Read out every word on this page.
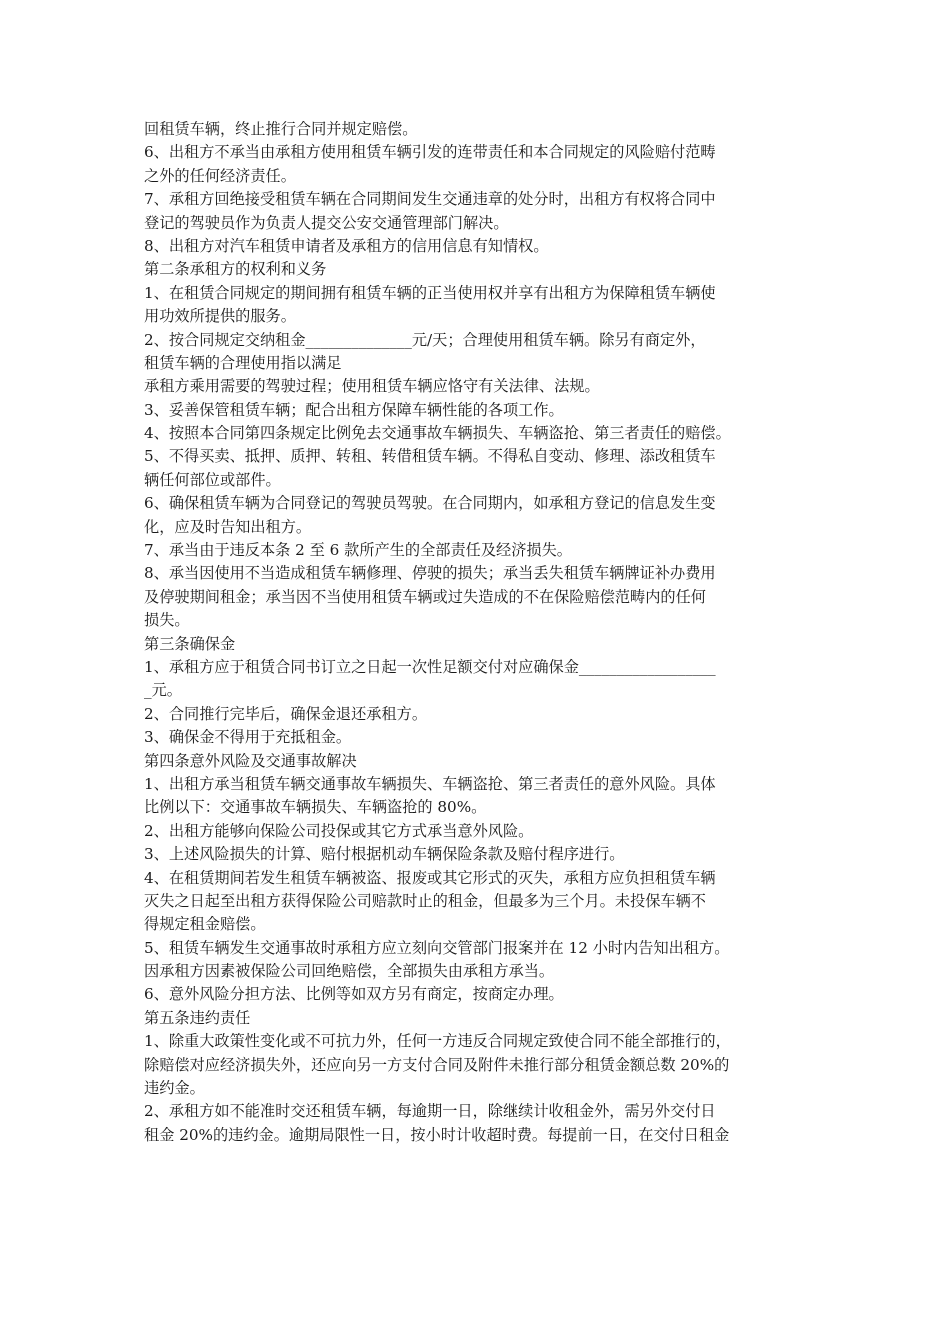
回租赁车辆，终止推行合同并规定赔偿。
6、出租方不承当由承租方使用租赁车辆引发的连带责任和本合同规定的风险赔付范畴
之外的任何经济责任。
7、承租方回绝接受租赁车辆在合同期间发生交通违章的处分时，出租方有权将合同中
登记的驾驶员作为负责人提交公安交通管理部门解决。
8、出租方对汽车租赁申请者及承租方的信用信息有知情权。
第二条承租方的权利和义务
1、在租赁合同规定的期间拥有租赁车辆的正当使用权并享有出租方为保障租赁车辆使
用功效所提供的服务。
2、按合同规定交纳租金______________元/天；合理使用租赁车辆。除另有商定外，
租赁车辆的合理使用指以满足
承租方乘用需要的驾驶过程；使用租赁车辆应恪守有关法律、法规。
3、妥善保管租赁车辆；配合出租方保障车辆性能的各项工作。
4、按照本合同第四条规定比例免去交通事故车辆损失、车辆盗抢、第三者责任的赔偿。
5、不得买卖、抵押、质押、转租、转借租赁车辆。不得私自变动、修理、添改租赁车
辆任何部位或部件。
6、确保租赁车辆为合同登记的驾驶员驾驶。在合同期内，如承租方登记的信息发生变
化，应及时告知出租方。
7、承当由于违反本条 2 至 6 款所产生的全部责任及经济损失。
8、承当因使用不当造成租赁车辆修理、停驶的损失；承当丢失租赁车辆牌证补办费用
及停驶期间租金；承当因不当使用租赁车辆或过失造成的不在保险赔偿范畴内的任何
损失。
第三条确保金
1、承租方应于租赁合同书订立之日起一次性足额交付对应确保金__________________
_元。
2、合同推行完毕后，确保金退还承租方。
3、确保金不得用于充抵租金。
第四条意外风险及交通事故解决
1、出租方承当租赁车辆交通事故车辆损失、车辆盗抢、第三者责任的意外风险。具体
比例以下：交通事故车辆损失、车辆盗抢的 80%。
2、出租方能够向保险公司投保或其它方式承当意外风险。
3、上述风险损失的计算、赔付根据机动车辆保险条款及赔付程序进行。
4、在租赁期间若发生租赁车辆被盗、报废或其它形式的灭失，承租方应负担租赁车辆
灭失之日起至出租方获得保险公司赔款时止的租金，但最多为三个月。未投保车辆不
得规定租金赔偿。
5、租赁车辆发生交通事故时承租方应立刻向交管部门报案并在 12 小时内告知出租方。
因承租方因素被保险公司回绝赔偿，全部损失由承租方承当。
6、意外风险分担方法、比例等如双方另有商定，按商定办理。
第五条违约责任
1、除重大政策性变化或不可抗力外，任何一方违反合同规定致使合同不能全部推行的，
除赔偿对应经济损失外，还应向另一方支付合同及附件未推行部分租赁金额总数 20%的
违约金。
2、承租方如不能准时交还租赁车辆，每逾期一日，除继续计收租金外，需另外交付日
租金 20%的违约金。逾期局限性一日，按小时计收超时费。每提前一日，在交付日租金
